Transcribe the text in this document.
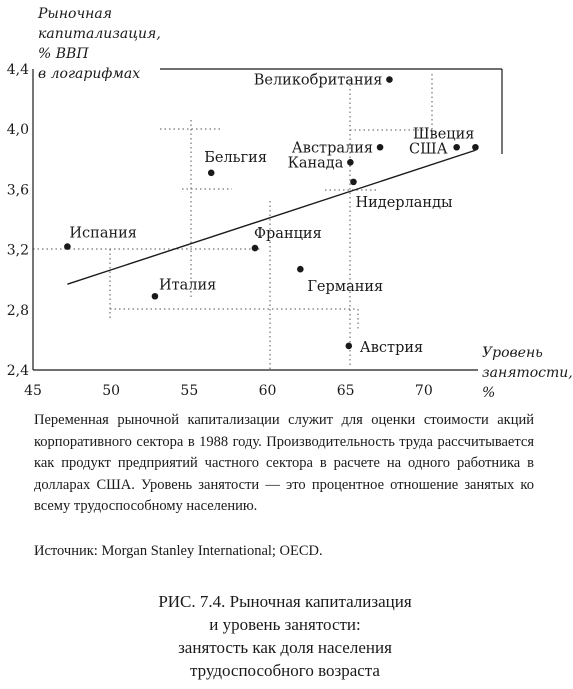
45	50	55	60	65	70
2,4
2,8
3,2
3,6
4,0
4,4
Великобритания
Швеция
США
Австралия
Канада
Нидерланды
Бельгия
Испания	Франция
Германия
Италия
Австрия
Рыночная
капитализация,
% ВВП
в логарифмах
Уровень
занятости,
%

Переменная рыночной капитализации служит для оценки стоимости акций корпоративного сектора в 1988 году. Производительность труда рассчитывается как продукт предприятий частного сектора в расчете на одного работника в долларах США. Уровень занятости — это процентное отношение занятых ко всему трудоспособному населению.

Источник: Morgan Stanley International; OECD.
РИС. 7.4. Рыночная капитализация
и уровень занятости:
занятость как доля населения
трудоспособного возраста
